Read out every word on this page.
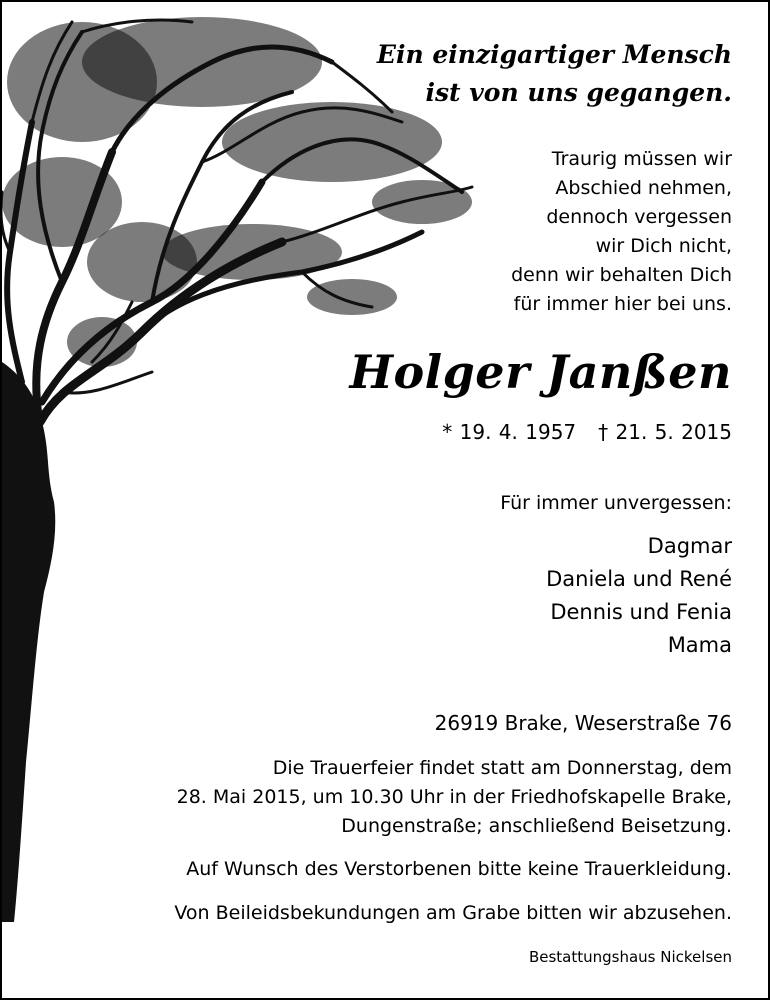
Ein einzigartiger Mensch
ist von uns gegangen.
Traurig müssen wir
Abschied nehmen,
dennoch vergessen
wir Dich nicht,
denn wir behalten Dich
für immer hier bei uns.
Holger Janßen
* 19. 4. 1957 † 21. 5. 2015
Für immer unvergessen:
Dagmar
Daniela und René
Dennis und Fenia
Mama
26919 Brake, Weserstraße 76
Die Trauerfeier findet statt am Donnerstag, dem
28. Mai 2015, um 10.30 Uhr in der Friedhofskapelle Brake,
Dungenstraße; anschließend Beisetzung.
Auf Wunsch des Verstorbenen bitte keine Trauerkleidung.
Von Beileidsbekundungen am Grabe bitten wir abzusehen.
Bestattungshaus Nickelsen
